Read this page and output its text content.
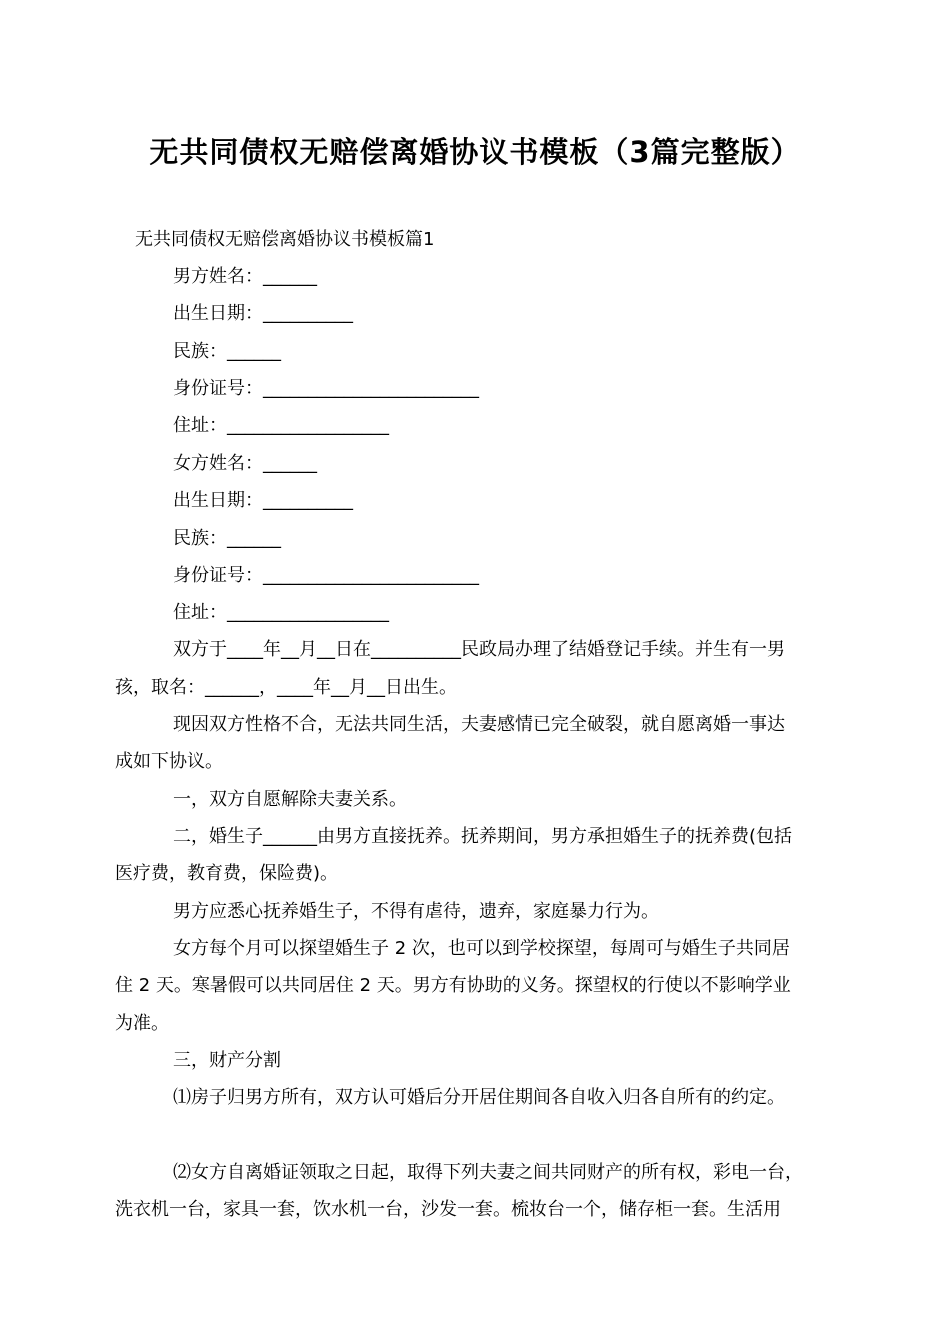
无共同债权无赔偿离婚协议书模板（3篇完整版）
无共同债权无赔偿离婚协议书模板篇1
男方姓名：______
出生日期：__________
民族：______
身份证号：________________________
住址：__________________
女方姓名：______
出生日期：__________
民族：______
身份证号：________________________
住址：__________________
双方于____年__月__日在__________民政局办理了结婚登记手续。并生有一男
孩，取名：______，____年__月__日出生。
现因双方性格不合，无法共同生活，夫妻感情已完全破裂，就自愿离婚一事达
成如下协议。
一，双方自愿解除夫妻关系。
二，婚生子______由男方直接抚养。抚养期间，男方承担婚生子的抚养费(包括
医疗费，教育费，保险费)。
男方应悉心抚养婚生子，不得有虐待，遗弃，家庭暴力行为。
女方每个月可以探望婚生子 2 次，也可以到学校探望，每周可与婚生子共同居
住 2 天。寒暑假可以共同居住 2 天。男方有协助的义务。探望权的行使以不影响学业
为准。
三，财产分割
⑴房子归男方所有，双方认可婚后分开居住期间各自收入归各自所有的约定。
⑵女方自离婚证领取之日起，取得下列夫妻之间共同财产的所有权，彩电一台，
洗衣机一台，家具一套，饮水机一台，沙发一套。梳妆台一个，储存柜一套。生活用
